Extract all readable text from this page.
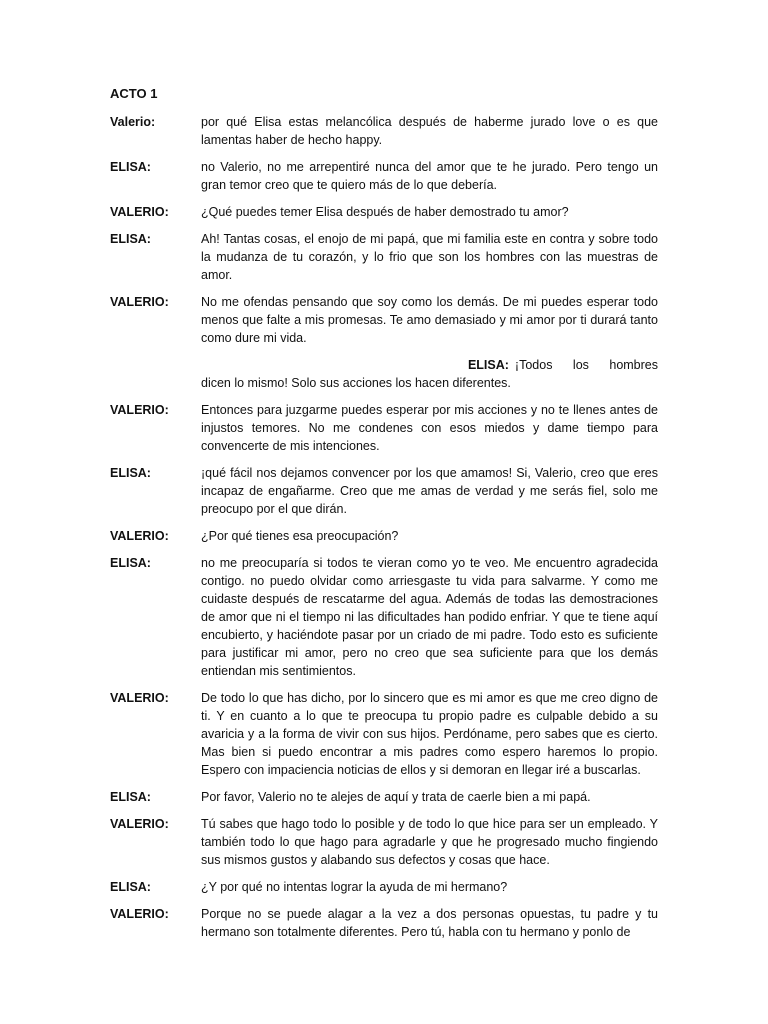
ACTO 1
Valerio:	por qué Elisa estas melancólica después de haberme jurado love o es que lamentas haber de hecho happy.

ELISA:	no Valerio, no me arrepentiré nunca del amor que te he jurado. Pero tengo un gran temor creo que te quiero más de lo que debería.

VALERIO:	¿Qué puedes temer Elisa después de haber demostrado tu amor?

ELISA:	Ah! Tantas cosas, el enojo de mi papá, que mi familia este en contra y sobre todo la mudanza de tu corazón, y lo frio que son los hombres con las muestras de amor.

VALERIO:	No me ofendas pensando que soy como los demás. De mi puedes esperar todo menos que falte a mis promesas. Te amo demasiado y mi amor por ti durará tanto como dure mi vida.

ELISA: ¡Todos los hombres
dicen lo mismo! Solo sus acciones los hacen diferentes.
VALERIO:	Entonces para juzgarme puedes esperar por mis acciones y no te llenes antes de injustos temores. No me condenes con esos miedos y dame tiempo para convencerte de mis intenciones.

ELISA:	¡qué fácil nos dejamos convencer por los que amamos! Si, Valerio, creo que eres incapaz de engañarme. Creo que me amas de verdad y me serás fiel, solo me preocupo por el que dirán.

VALERIO:	¿Por qué tienes esa preocupación?

ELISA:	no me preocuparía si todos te vieran como yo te veo. Me encuentro agradecida contigo. no puedo olvidar como arriesgaste tu vida para salvarme. Y como me cuidaste después de rescatarme del agua. Además de todas las demostraciones de amor que ni el tiempo ni las dificultades han podido enfriar. Y que te tiene aquí encubierto, y haciéndote pasar por un criado de mi padre. Todo esto es suficiente para justificar mi amor, pero no creo que sea suficiente para que los demás entiendan mis sentimientos.

VALERIO:	De todo lo que has dicho, por lo sincero que es mi amor es que me creo digno de ti. Y en cuanto a lo que te preocupa tu propio padre es culpable debido a su avaricia y a la forma de vivir con sus hijos. Perdóname, pero sabes que es cierto. Mas bien si puedo encontrar a mis padres como espero haremos lo propio. Espero con impaciencia noticias de ellos y si demoran en llegar iré a buscarlas.

ELISA:	Por favor, Valerio no te alejes de aquí y trata de caerle bien a mi papá.

VALERIO:	Tú sabes que hago todo lo posible y de todo lo que hice para ser un empleado. Y también todo lo que hago para agradarle y que he progresado mucho fingiendo sus mismos gustos y alabando sus defectos y cosas que hace.

ELISA:	¿Y por qué no intentas lograr la ayuda de mi hermano?

VALERIO:	Porque no se puede alagar a la vez a dos personas opuestas, tu padre y tu hermano son totalmente diferentes. Pero tú, habla con tu hermano y ponlo de
